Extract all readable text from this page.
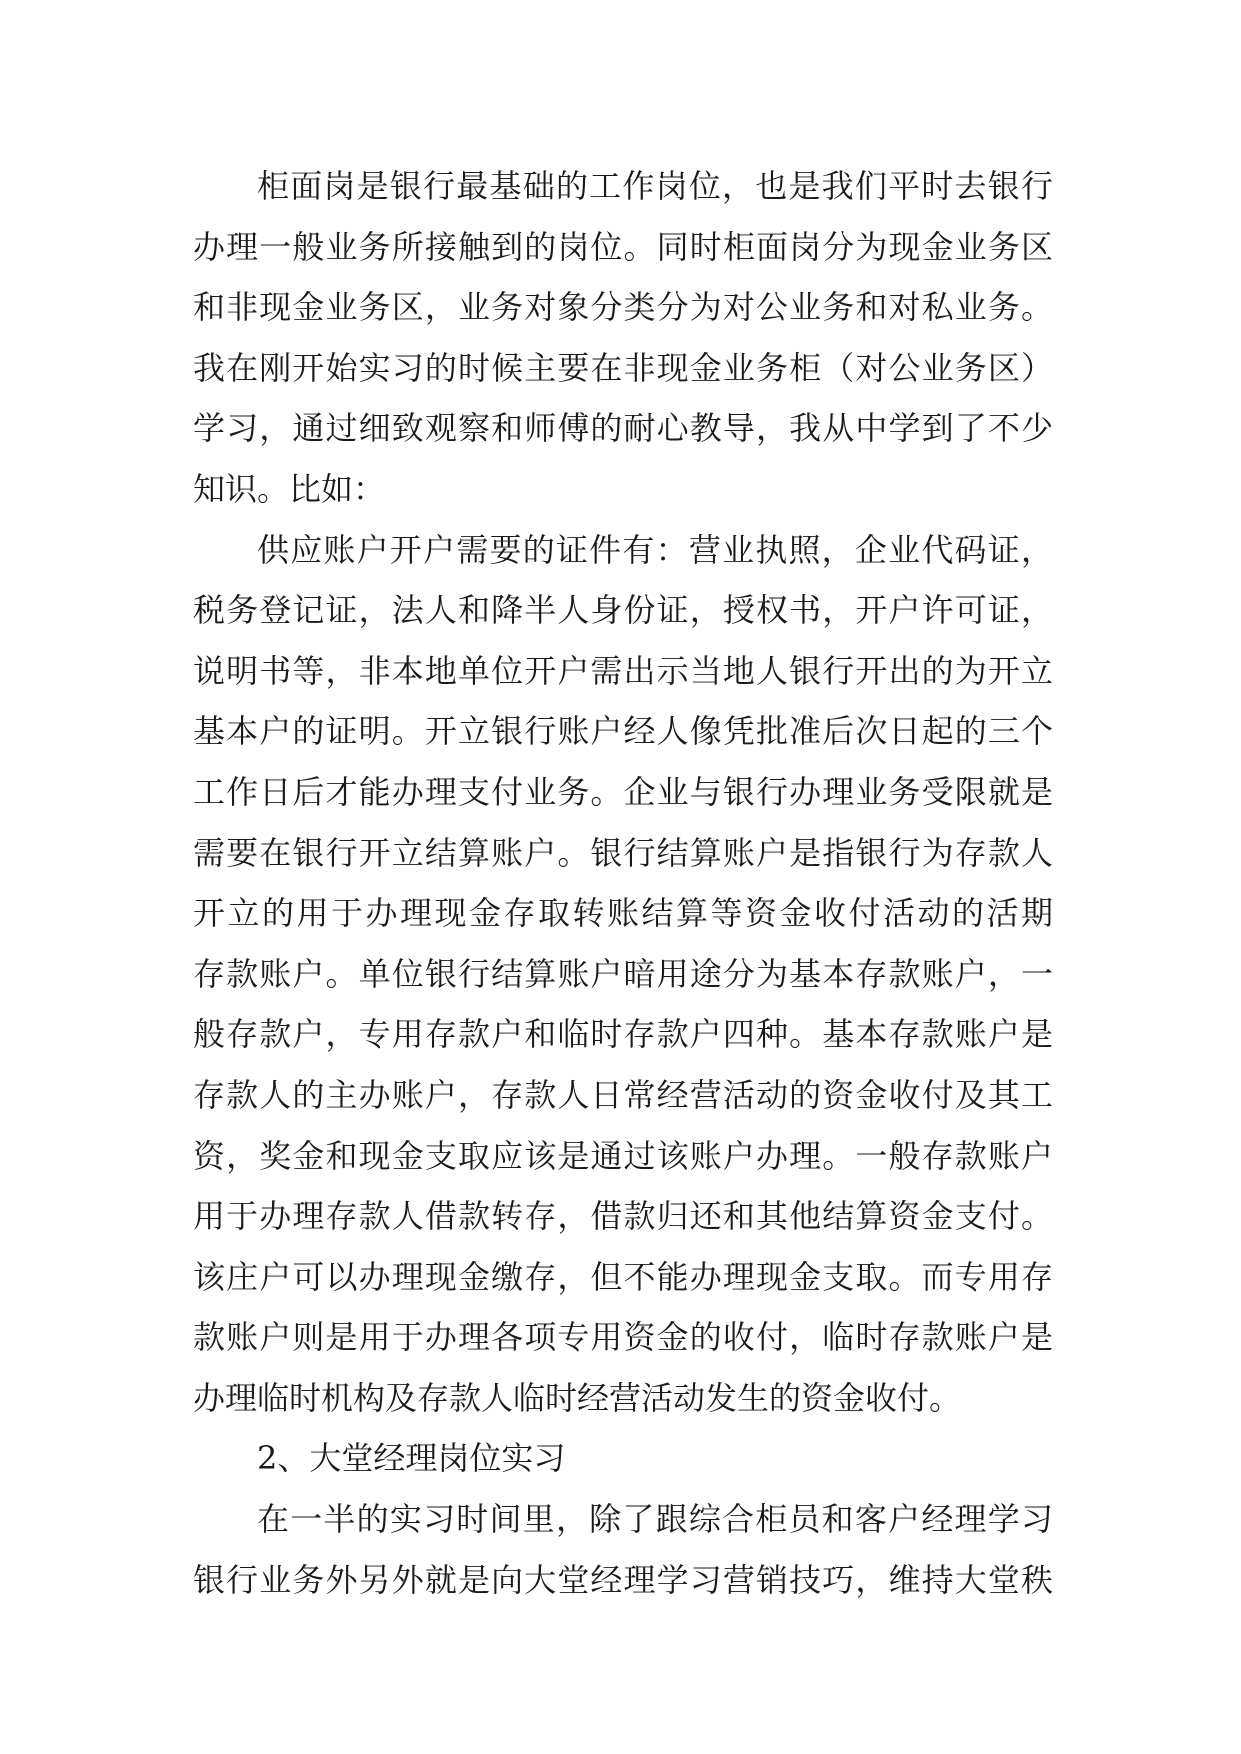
柜面岗是银行最基础的工作岗位，也是我们平时去银行
办理一般业务所接触到的岗位。同时柜面岗分为现金业务区
和非现金业务区，业务对象分类分为对公业务和对私业务。
我在刚开始实习的时候主要在非现金业务柜（对公业务区）
学习，通过细致观察和师傅的耐心教导，我从中学到了不少
知识。比如：
供应账户开户需要的证件有：营业执照，企业代码证，
税务登记证，法人和降半人身份证，授权书，开户许可证，
说明书等，非本地单位开户需出示当地人银行开出的为开立
基本户的证明。开立银行账户经人像凭批准后次日起的三个
工作日后才能办理支付业务。企业与银行办理业务受限就是
需要在银行开立结算账户。银行结算账户是指银行为存款人
开立的用于办理现金存取转账结算等资金收付活动的活期
存款账户。单位银行结算账户暗用途分为基本存款账户，一
般存款户，专用存款户和临时存款户四种。基本存款账户是
存款人的主办账户，存款人日常经营活动的资金收付及其工
资，奖金和现金支取应该是通过该账户办理。一般存款账户
用于办理存款人借款转存，借款归还和其他结算资金支付。
该庄户可以办理现金缴存，但不能办理现金支取。而专用存
款账户则是用于办理各项专用资金的收付，临时存款账户是
办理临时机构及存款人临时经营活动发生的资金收付。
2、大堂经理岗位实习
在一半的实习时间里，除了跟综合柜员和客户经理学习
银行业务外另外就是向大堂经理学习营销技巧，维持大堂秩
